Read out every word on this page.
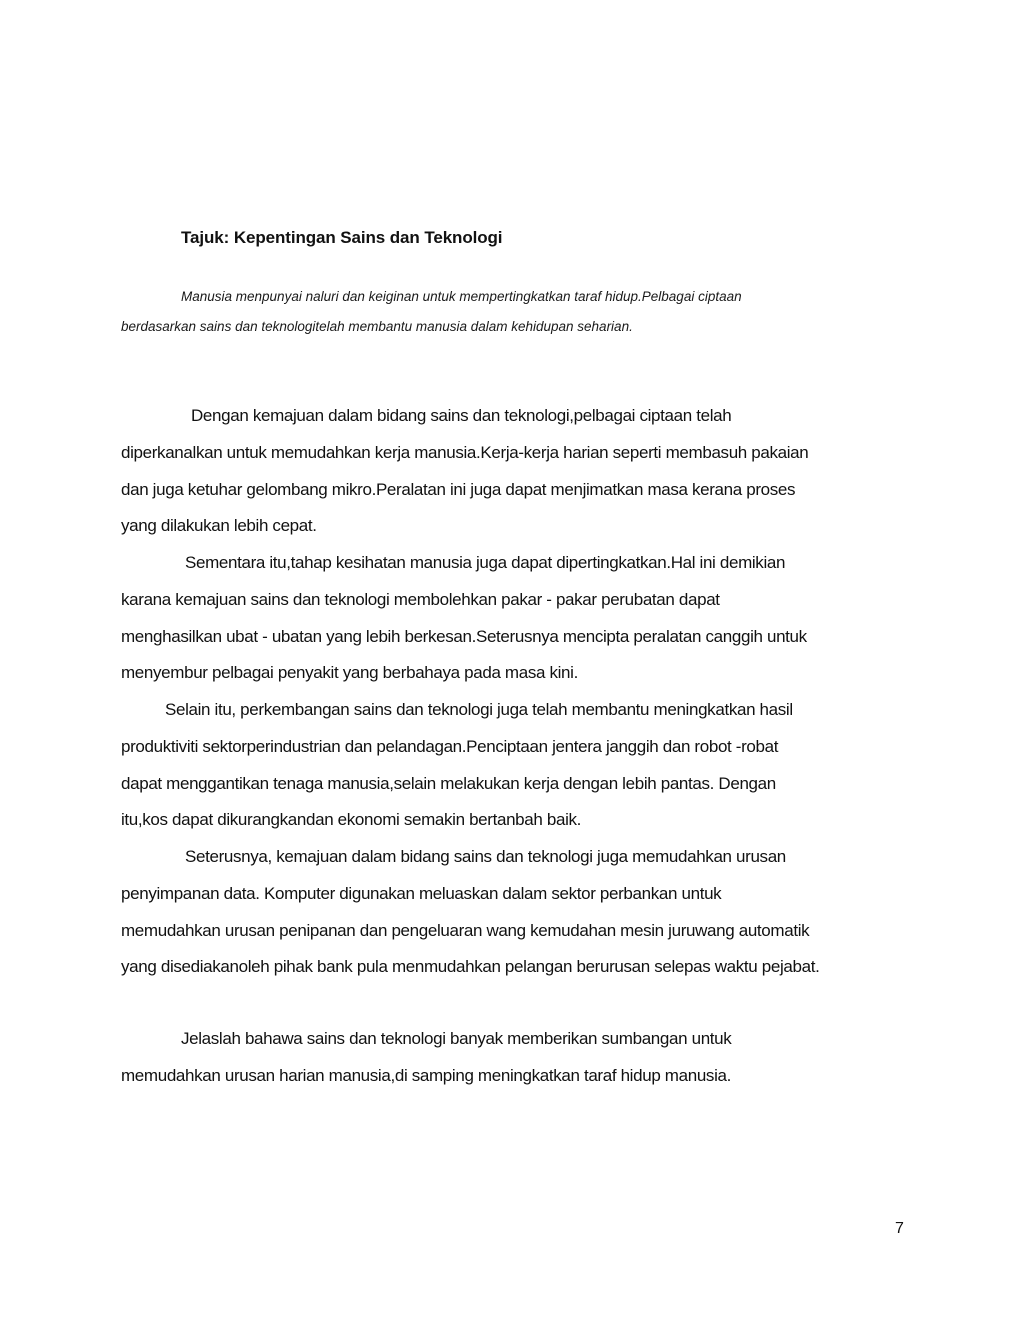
Tajuk: Kepentingan Sains dan Teknologi
Manusia menpunyai naluri dan keiginan untuk mempertingkatkan taraf hidup.Pelbagai ciptaan
berdasarkan sains dan teknologitelah membantu manusia dalam kehidupan seharian.
Dengan kemajuan dalam bidang sains dan teknologi,pelbagai ciptaan telah
diperkanalkan untuk memudahkan kerja manusia.Kerja-kerja harian seperti membasuh pakaian
dan juga ketuhar gelombang mikro.Peralatan ini juga dapat menjimatkan masa kerana proses
yang dilakukan lebih cepat.
Sementara itu,tahap kesihatan manusia juga dapat dipertingkatkan.Hal ini demikian
karana kemajuan sains dan teknologi membolehkan pakar - pakar perubatan dapat
menghasilkan ubat - ubatan yang lebih berkesan.Seterusnya mencipta peralatan canggih untuk
menyembur pelbagai penyakit yang berbahaya pada masa kini.
Selain itu, perkembangan sains dan teknologi juga telah membantu meningkatkan hasil
produktiviti sektorperindustrian dan pelandagan.Penciptaan jentera janggih dan robot -robat
dapat menggantikan tenaga manusia,selain melakukan kerja dengan lebih pantas. Dengan
itu,kos dapat dikurangkandan ekonomi semakin bertanbah baik.
Seterusnya, kemajuan dalam bidang sains dan teknologi juga memudahkan urusan
penyimpanan data. Komputer digunakan meluaskan dalam sektor perbankan untuk
memudahkan urusan penipanan dan pengeluaran wang kemudahan mesin juruwang automatik
yang disediakanoleh pihak bank pula menmudahkan pelangan berurusan selepas waktu pejabat.
Jelaslah bahawa sains dan teknologi banyak memberikan sumbangan untuk
memudahkan urusan harian manusia,di samping meningkatkan taraf hidup manusia.
7
